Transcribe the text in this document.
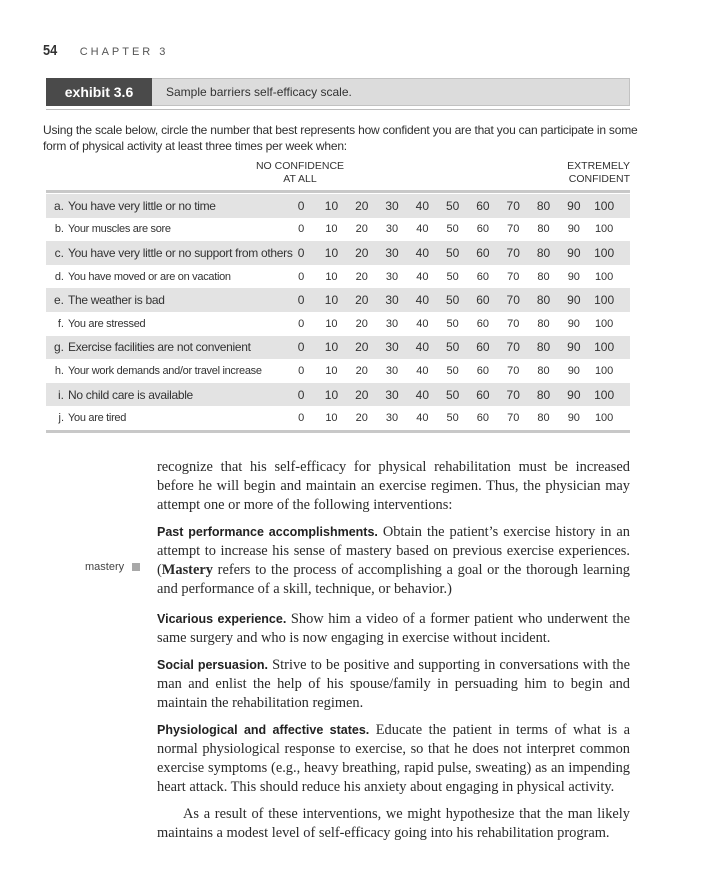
54 CHAPTER 3
exhibit 3.6	Sample barriers self-efficacy scale.
Using the scale below, circle the number that best represents how confident you are that you can participate in some form of physical activity at least three times per week when:
NO CONFIDENCE
AT ALL
EXTREMELY
CONFIDENT
a. You have very little or no time	0	10	20	30	40	50	60	70	80	90	100
b. Your muscles are sore	0	10	20	30	40	50	60	70	80	90	100
c. You have very little or no support from others 0	10	20	30	40	50	60	70	80	90	100
d. You have moved or are on vacation	0	10	20	30	40	50	60	70	80	90	100
e. The weather is bad	0	10	20	30	40	50	60	70	80	90	100
f. You are stressed	0	10	20	30	40	50	60	70	80	90	100
g. Exercise facilities are not convenient	0	10	20	30	40	50	60	70	80	90	100
h. Your work demands and/or travel increase	0	10	20	30	40	50	60	70	80	90	100
i. No child care is available	0	10	20	30	40	50	60	70	80	90	100
j. You are tired	0	10	20	30	40	50	60	70	80	90	100
recognize that his self-efficacy for physical rehabilitation must be increased before he will begin and maintain an exercise regimen. Thus, the physician may attempt one or more of the following interventions:
Past performance accomplishments. Obtain the patient’s exercise history in an attempt to increase his sense of mastery based on previous exercise experiences. (Mastery refers to the process of accomplishing a goal or the thorough learning and performance of a skill, technique, or behavior.)
mastery
Vicarious experience. Show him a video of a former patient who underwent the same surgery and who is now engaging in exercise without incident.
Social persuasion. Strive to be positive and supporting in conversations with the man and enlist the help of his spouse/family in persuading him to begin and maintain the rehabilitation regimen.
Physiological and affective states. Educate the patient in terms of what is a normal physiological response to exercise, so that he does not interpret common exercise symptoms (e.g., heavy breathing, rapid pulse, sweating) as an impending heart attack. This should reduce his anxiety about engaging in physical activity.
As a result of these interventions, we might hypothesize that the man likely maintains a modest level of self-efficacy going into his rehabilitation program.
